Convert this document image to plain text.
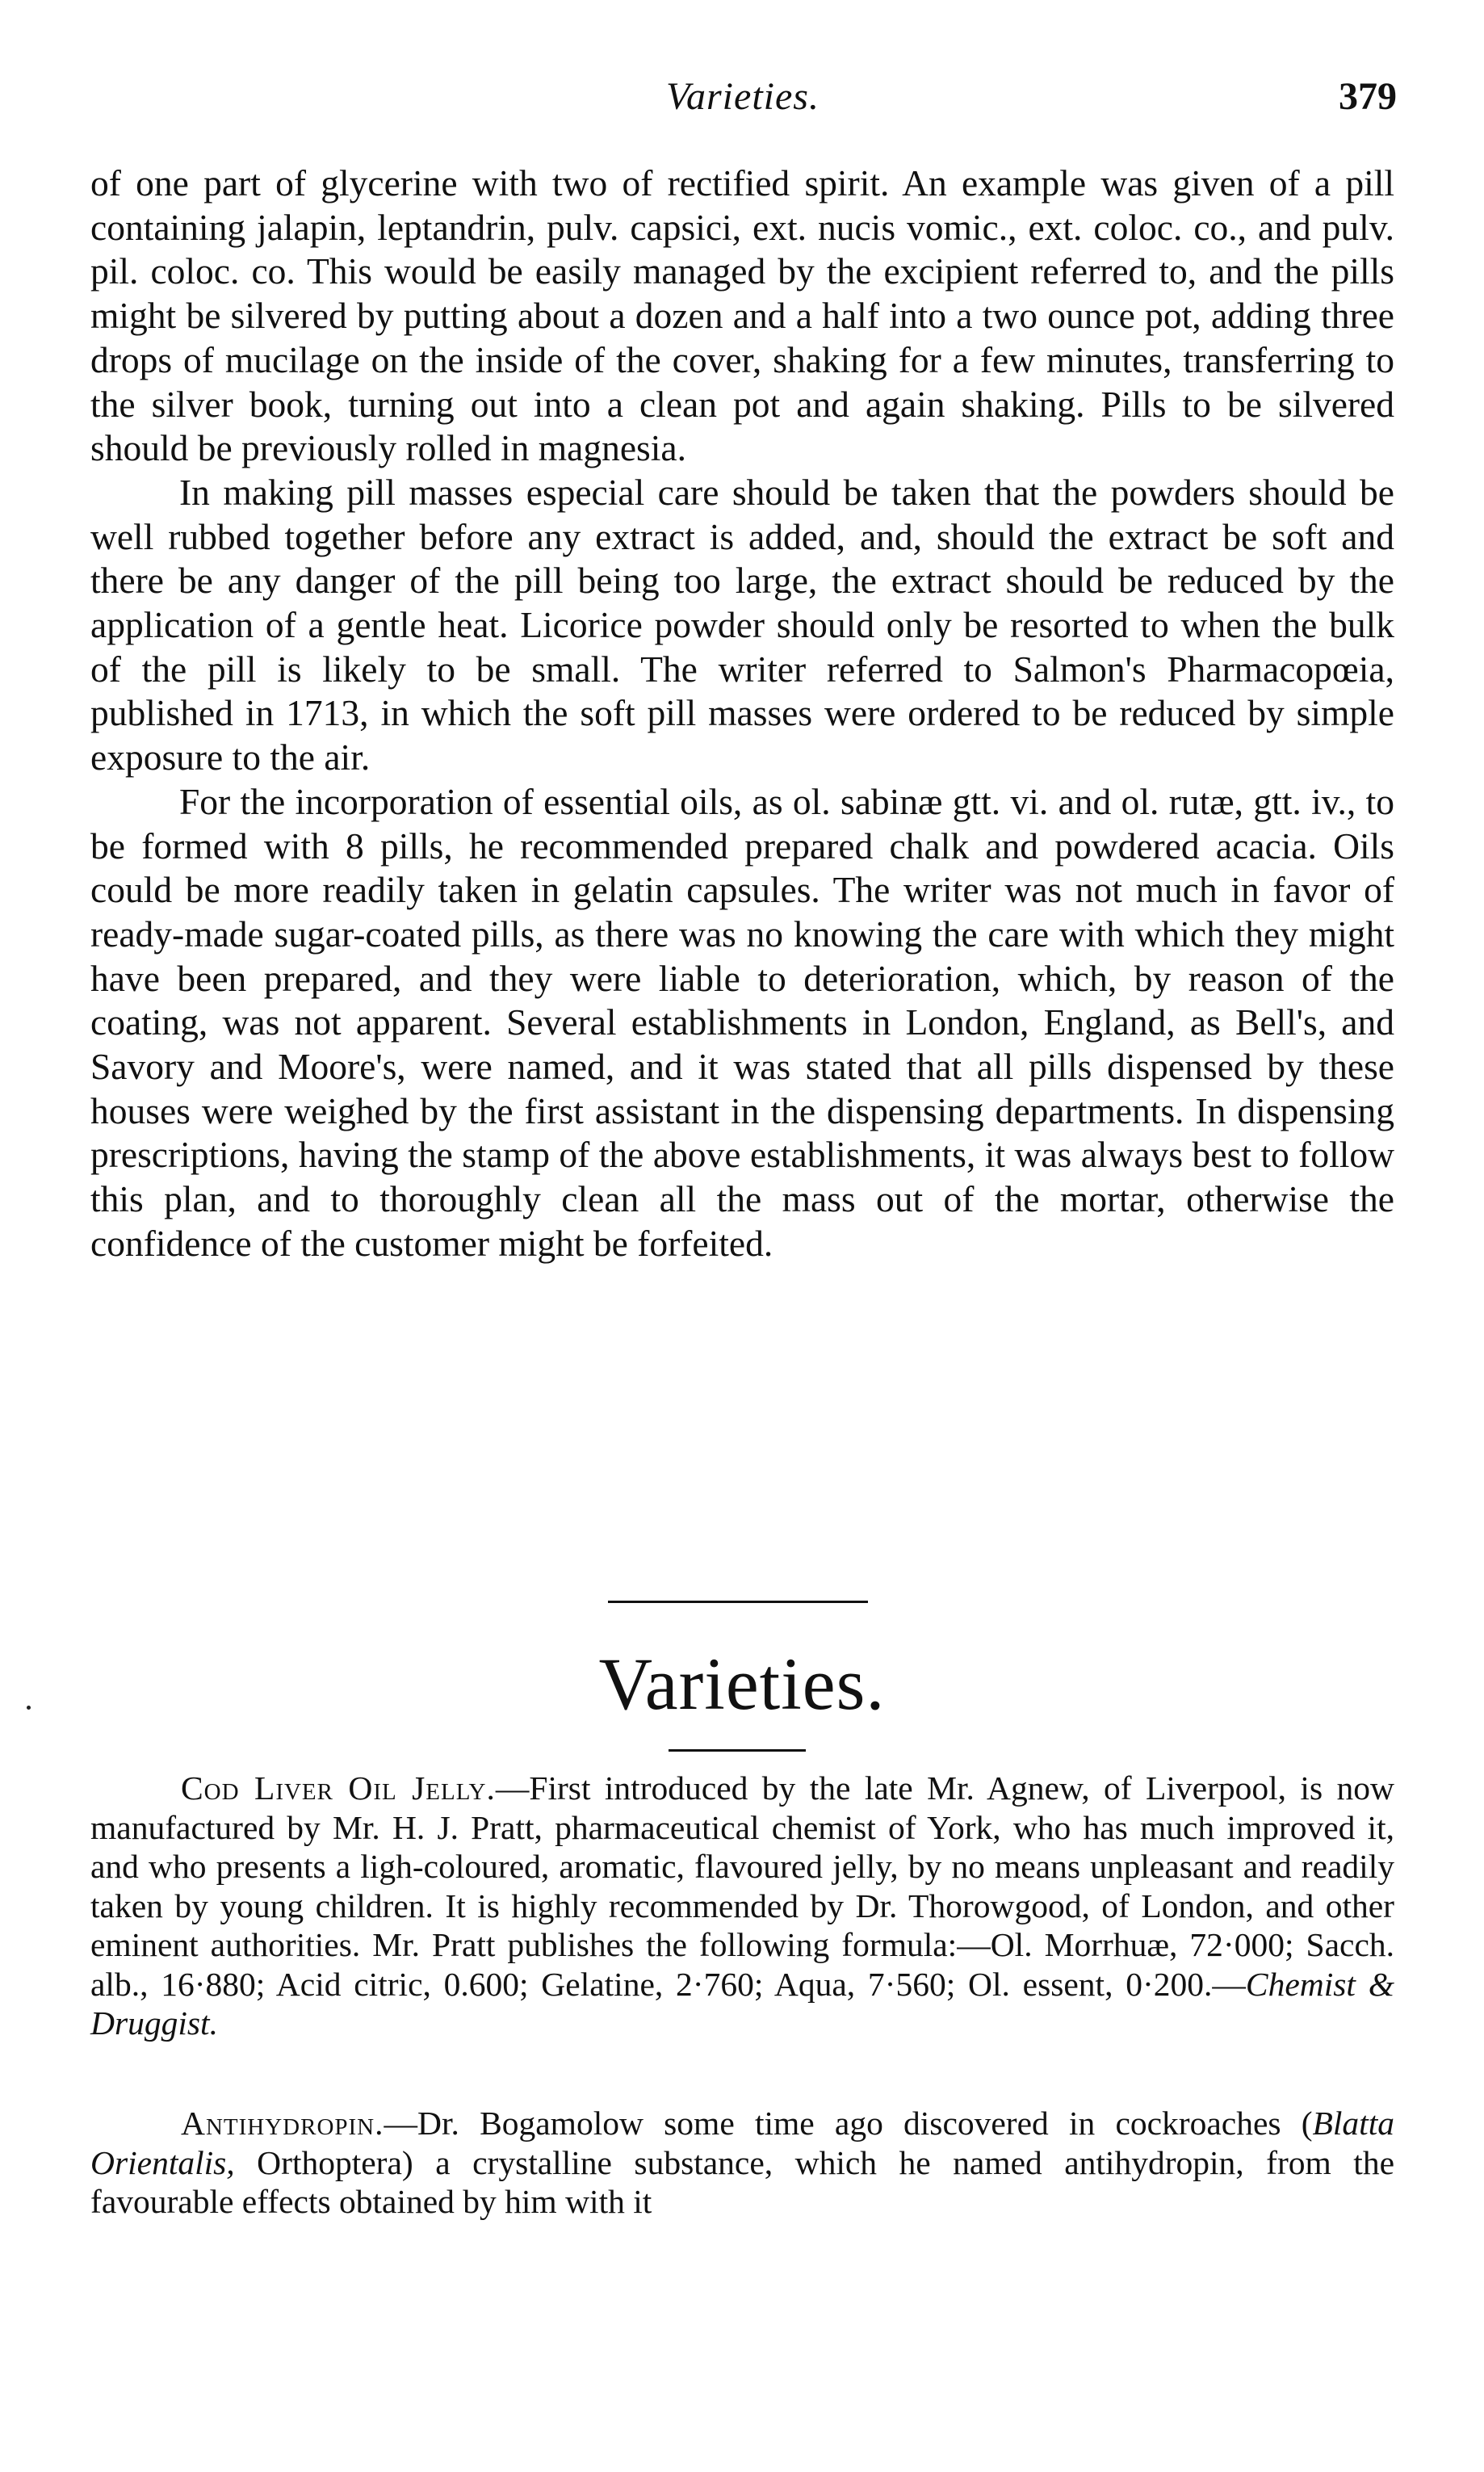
Varieties.	379

of one part of glycerine with two of rectified spirit. An example was given of a pill containing jalapin, leptandrin, pulv. capsici, ext. nucis vomic., ext. coloc. co., and pulv. pil. coloc. co. This would be easily managed by the excipient referred to, and the pills might be silvered by putting about a dozen and a half into a two ounce pot, adding three drops of mucilage on the inside of the cover, shaking for a few minutes, transferring to the silver book, turning out into a clean pot and again shaking. Pills to be silvered should be previously rolled in magnesia.

In making pill masses especial care should be taken that the powders should be well rubbed together before any extract is added, and, should the extract be soft and there be any danger of the pill being too large, the extract should be reduced by the application of a gentle heat. Licorice powder should only be resorted to when the bulk of the pill is likely to be small. The writer referred to Salmon's Pharmacopœia, published in 1713, in which the soft pill masses were ordered to be reduced by simple exposure to the air.

For the incorporation of essential oils, as ol. sabinæ gtt. vi. and ol. rutæ, gtt. iv., to be formed with 8 pills, he recommended prepared chalk and powdered acacia. Oils could be more readily taken in gelatin capsules. The writer was not much in favor of ready-made sugar-coated pills, as there was no knowing the care with which they might have been prepared, and they were liable to deterioration, which, by reason of the coating, was not apparent. Several establishments in London, England, as Bell's, and Savory and Moore's, were named, and it was stated that all pills dispensed by these houses were weighed by the first assistant in the dispensing departments. In dispensing prescriptions, having the stamp of the above establishments, it was always best to follow this plan, and to thoroughly clean all the mass out of the mortar, otherwise the confidence of the customer might be forfeited.

Varieties.

Cod Liver Oil Jelly.—First introduced by the late Mr. Agnew, of Liverpool, is now manufactured by Mr. H. J. Pratt, pharmaceutical chemist of York, who has much improved it, and who presents a ligh-coloured, aromatic, flavoured jelly, by no means unpleasant and readily taken by young children. It is highly recommended by Dr. Thorowgood, of London, and other eminent authorities. Mr. Pratt publishes the following formula:—Ol. Morrhuæ, 72·000; Sacch. alb., 16·880; Acid citric, 0.600; Gelatine, 2·760; Aqua, 7·560; Ol. essent, 0·200.—Chemist & Druggist.

Antihydropin.—Dr. Bogamolow some time ago discovered in cockroaches (Blatta Orientalis, Orthoptera) a crystalline substance, which he named antihydropin, from the favourable effects obtained by him with it
